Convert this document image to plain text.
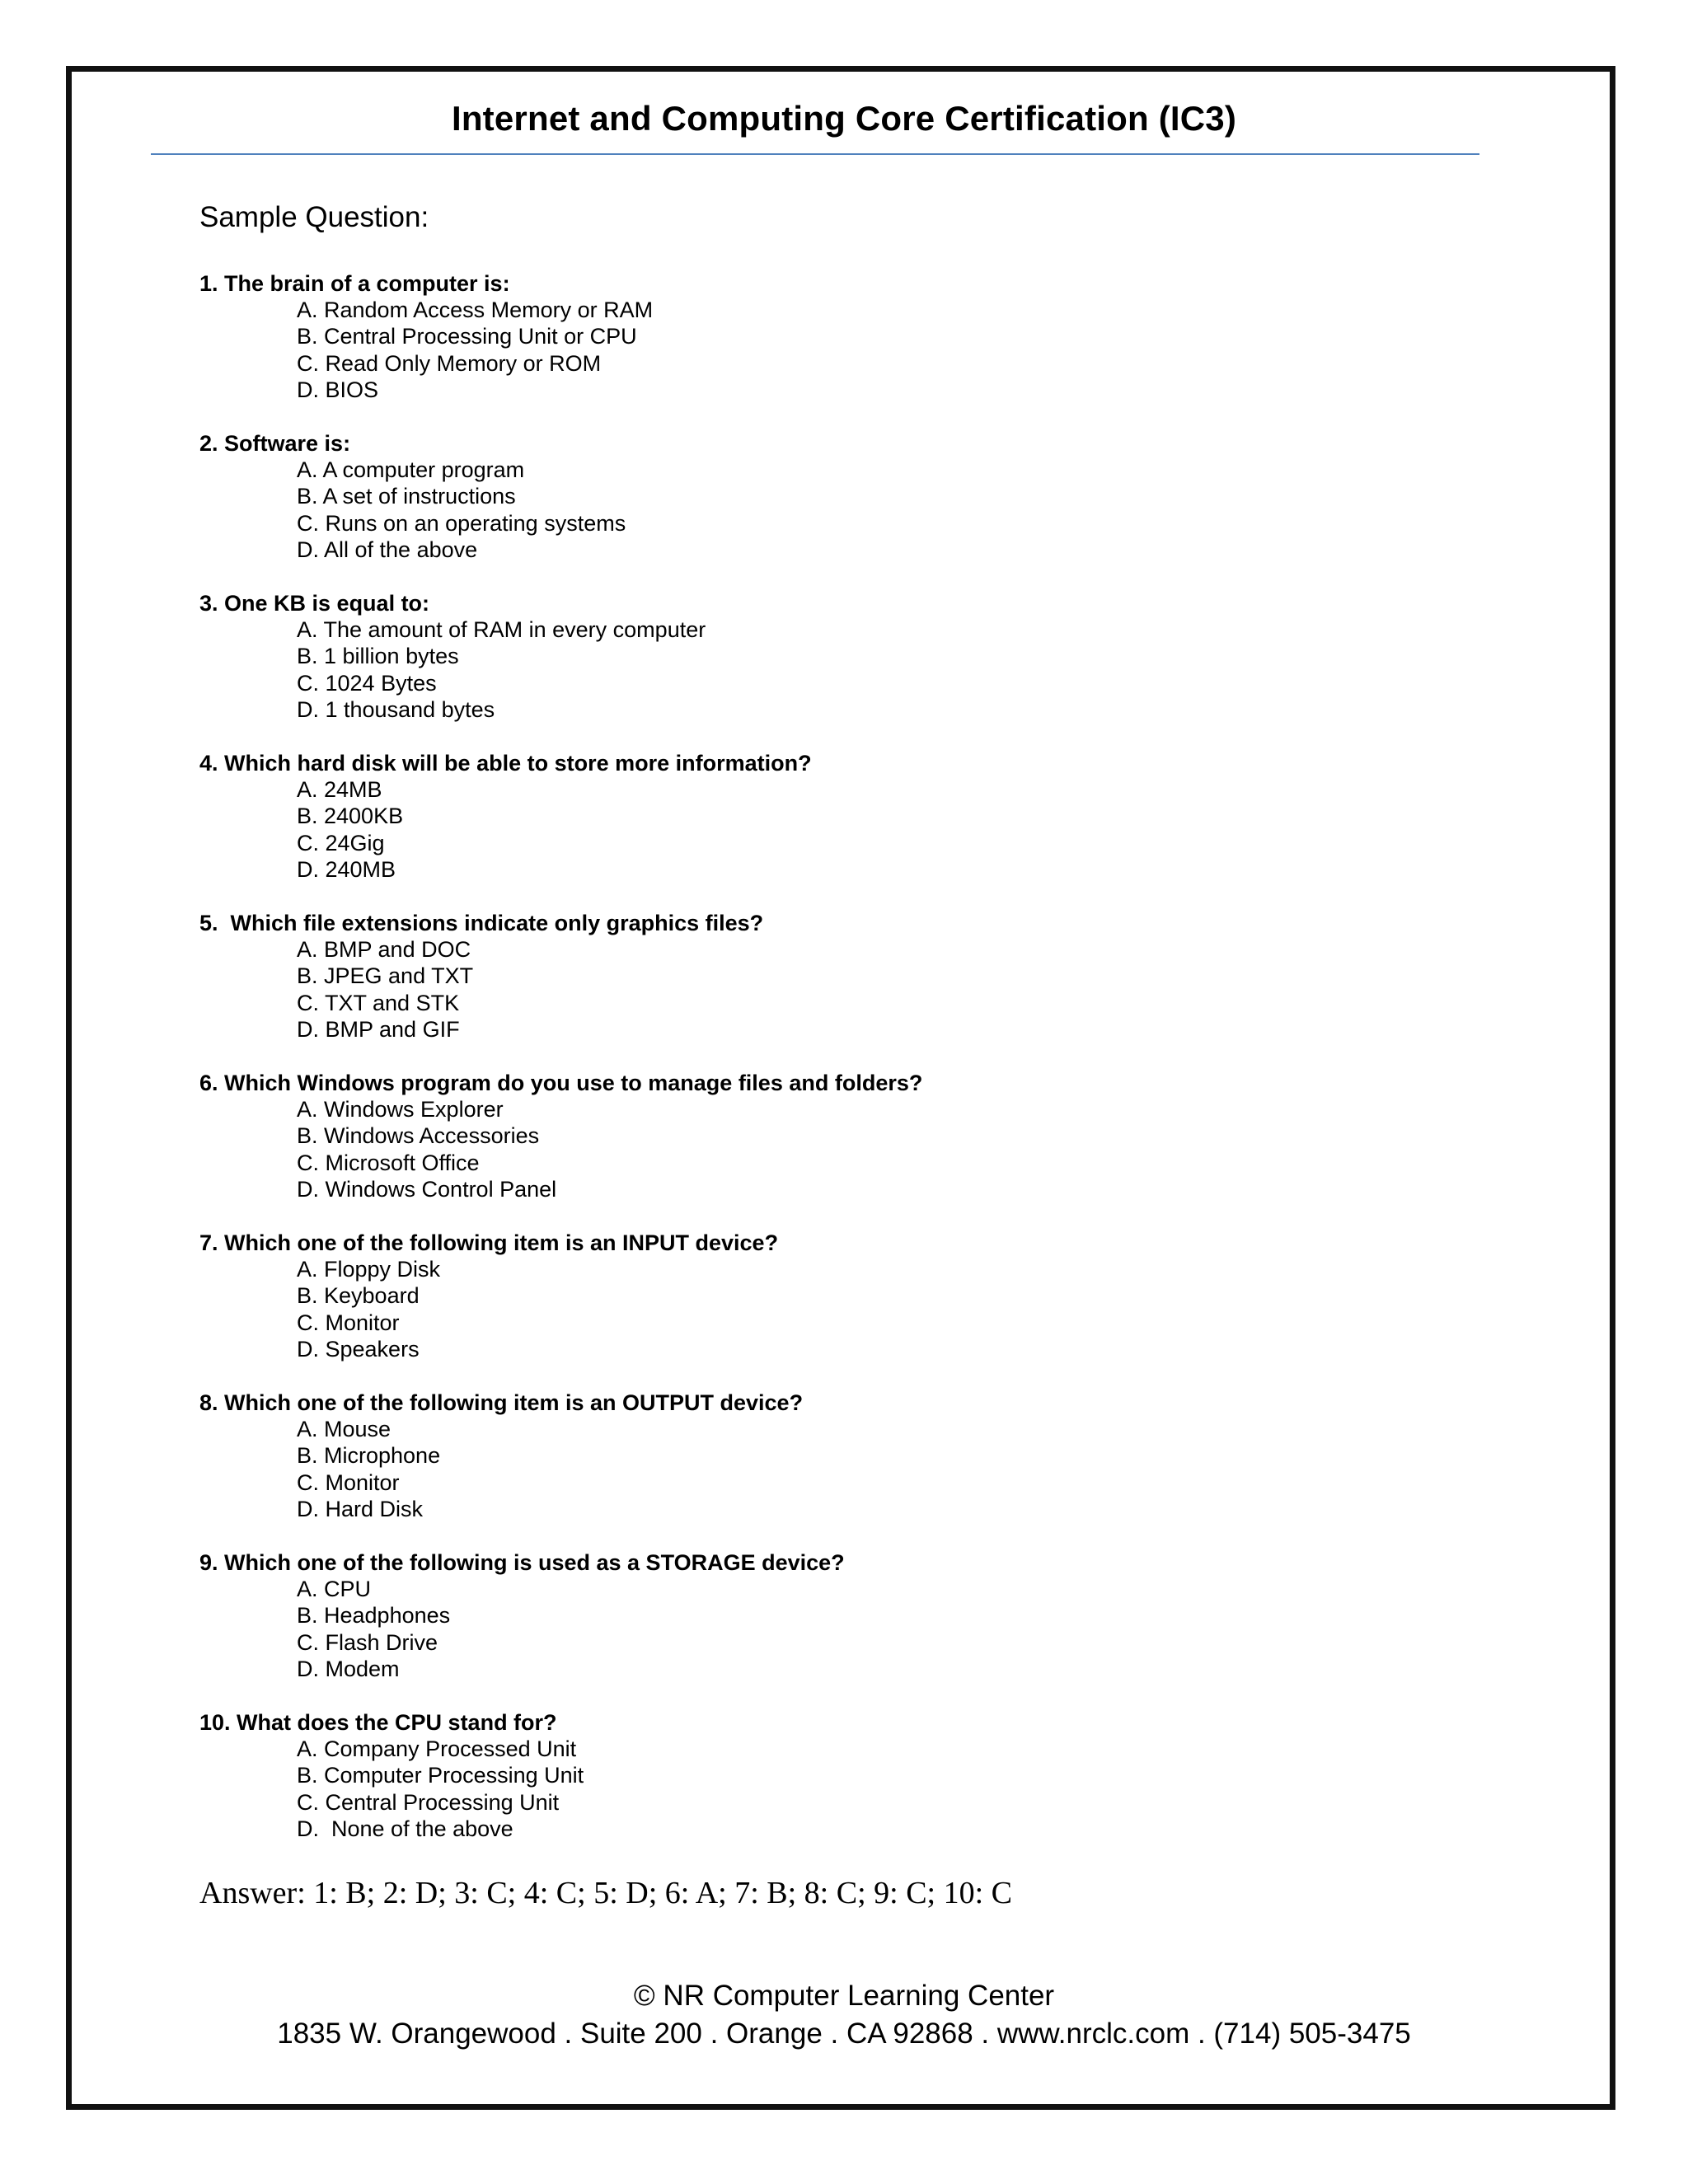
Internet and Computing Core Certification (IC3)
Sample Question:
1. The brain of a computer is:
A. Random Access Memory or RAM
B. Central Processing Unit or CPU
C. Read Only Memory or ROM
D. BIOS
2. Software is:
A. A computer program
B. A set of instructions
C. Runs on an operating systems
D. All of the above
3. One KB is equal to:
A. The amount of RAM in every computer
B. 1 billion bytes
C. 1024 Bytes
D. 1 thousand bytes
4. Which hard disk will be able to store more information?
A. 24MB
B. 2400KB
C. 24Gig
D. 240MB
5.  Which file extensions indicate only graphics files?
A. BMP and DOC
B. JPEG and TXT
C. TXT and STK
D. BMP and GIF
6. Which Windows program do you use to manage files and folders?
A. Windows Explorer
B. Windows Accessories
C. Microsoft Office
D. Windows Control Panel
7. Which one of the following item is an INPUT device?
A. Floppy Disk
B. Keyboard
C. Monitor
D. Speakers
8. Which one of the following item is an OUTPUT device?
A. Mouse
B. Microphone
C. Monitor
D. Hard Disk
9. Which one of the following is used as a STORAGE device?
A. CPU
B. Headphones
C. Flash Drive
D. Modem
10. What does the CPU stand for?
A. Company Processed Unit
B. Computer Processing Unit
C. Central Processing Unit
D.  None of the above
Answer: 1: B; 2: D; 3: C; 4: C; 5: D; 6: A; 7: B; 8: C; 9: C; 10: C
© NR Computer Learning Center
1835 W. Orangewood . Suite 200 . Orange . CA 92868 . www.nrclc.com . (714) 505-3475
